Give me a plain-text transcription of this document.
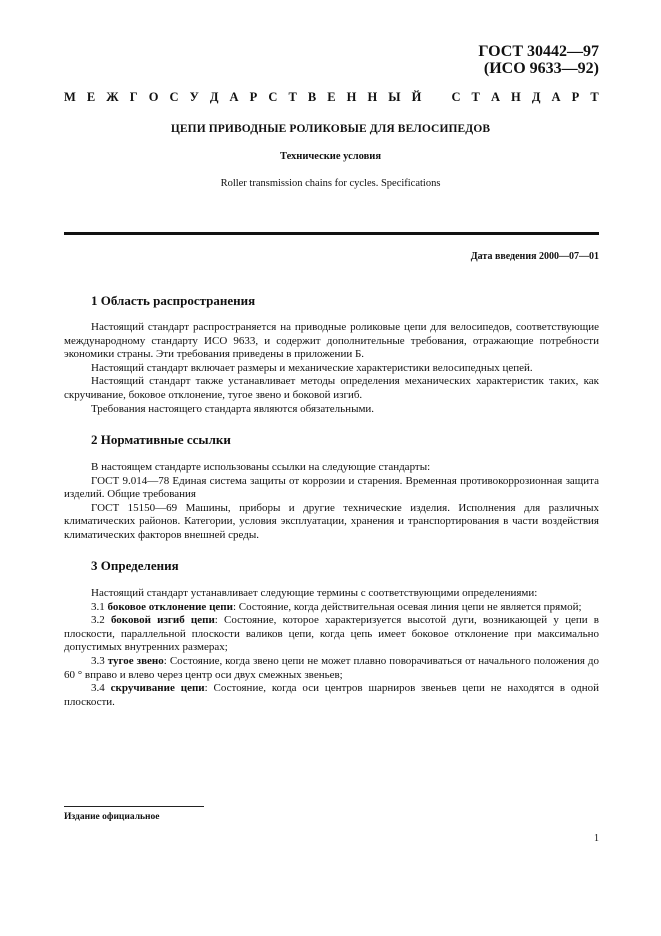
ГОСТ 30442—97
(ИСО 9633—92)
М Е Ж Г О С У Д А Р С Т В Е Н Н Ы Й С Т А Н Д А Р Т
ЦЕПИ ПРИВОДНЫЕ РОЛИКОВЫЕ ДЛЯ ВЕЛОСИПЕДОВ
Технические условия
Roller transmission chains for cycles. Specifications
Дата введения 2000—07—01
1 Область распространения

Настоящий стандарт распространяется на приводные роликовые цепи для велосипедов, соответствующие международному стандарту ИСО 9633, и содержит дополнительные требования, отражающие потребности экономики страны. Эти требования приведены в приложении Б.

Настоящий стандарт включает размеры и механические характеристики велосипедных цепей.

Настоящий стандарт также устанавливает методы определения механических характеристик таких, как скручивание, боковое отклонение, тугое звено и боковой изгиб.

Требования настоящего стандарта являются обязательными.

2 Нормативные ссылки

В настоящем стандарте использованы ссылки на следующие стандарты:

ГОСТ 9.014—78 Единая система защиты от коррозии и старения. Временная противокоррозионная защита изделий. Общие требования

ГОСТ 15150—69 Машины, приборы и другие технические изделия. Исполнения для различных климатических районов. Категории, условия эксплуатации, хранения и транспортирования в части воздействия климатических факторов внешней среды.

3 Определения

Настоящий стандарт устанавливает следующие термины с соответствующими определениями:

3.1 боковое отклонение цепи: Состояние, когда действительная осевая линия цепи не является прямой;

3.2 боковой изгиб цепи: Состояние, которое характеризуется высотой дуги, возникающей у цепи в плоскости, параллельной плоскости валиков цепи, когда цепь имеет боковое отклонение при максимально допустимых внутренних размерах;

3.3 тугое звено: Состояние, когда звено цепи не может плавно поворачиваться от начального положения до 60 ° вправо и влево через центр оси двух смежных звеньев;

3.4 скручивание цепи: Состояние, когда оси центров шарниров звеньев цепи не находятся в одной плоскости.

Издание официальное
1
